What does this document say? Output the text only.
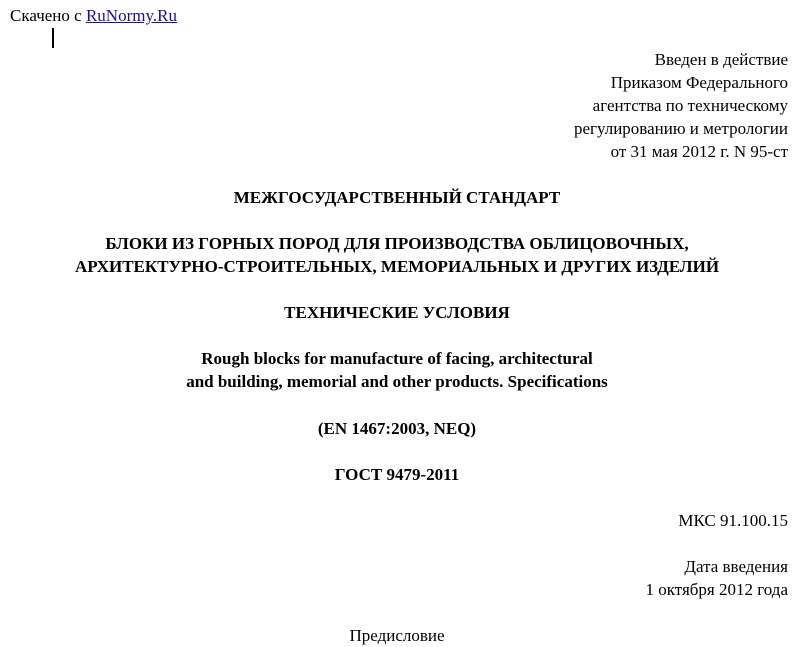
Скачено с RuNormy.Ru
Введен в действие
Приказом Федерального
агентства по техническому
регулированию и метрологии
от 31 мая 2012 г. N 95-ст
МЕЖГОСУДАРСТВЕННЫЙ СТАНДАРТ
БЛОКИ ИЗ ГОРНЫХ ПОРОД ДЛЯ ПРОИЗВОДСТВА ОБЛИЦОВОЧНЫХ,
АРХИТЕКТУРНО-СТРОИТЕЛЬНЫХ, МЕМОРИАЛЬНЫХ И ДРУГИХ ИЗДЕЛИЙ
ТЕХНИЧЕСКИЕ УСЛОВИЯ
Rough blocks for manufacture of facing, architectural
and building, memorial and other products. Specifications
(EN 1467:2003, NEQ)
ГОСТ 9479-2011
МКС 91.100.15
Дата введения
1 октября 2012 года
Предисловие
